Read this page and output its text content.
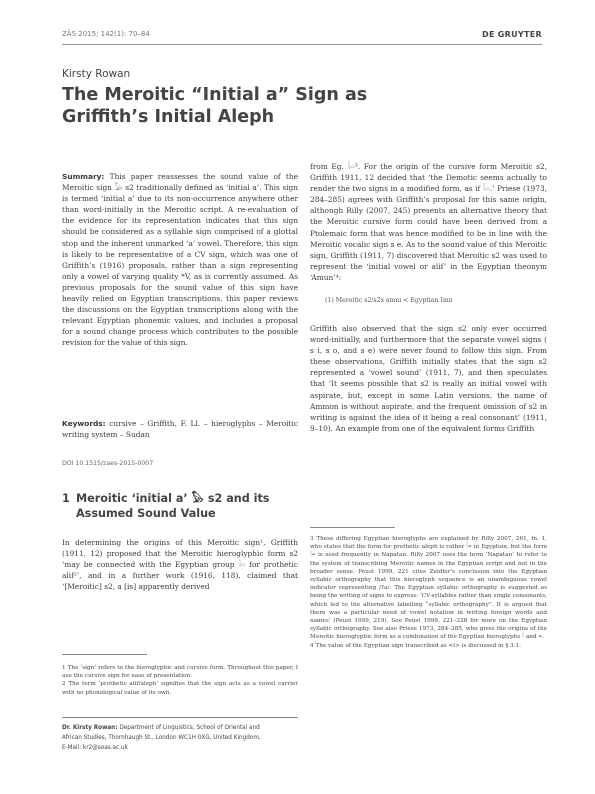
ZÄS 2015; 142(1): 70–84	DE GRUYTER
Kirsty Rowan
The Meroitic “Initial a” Sign as Griffith’s Initial Aleph

Summary: This paper reassesses the sound value of the Meroitic sign 𓅃 ꜱ2 traditionally defined as ‘initial a’. This sign is termed ‘initial a’ due to its non-occurrence anywhere other than word-initially in the Meroitic script. A re-evaluation of the evidence for its representation indicates that this sign should be considered as a syllable sign comprised of a glottal stop and the inherent unmarked ‘a’ vowel. Therefore, this sign is likely to be representative of a CV sign, which was one of Griffith’s (1916) proposals, rather than a sign representing only a vowel of varying quality *V, as is currently assumed. As previous proposals for the sound value of this sign have heavily relied on Egyptian transcriptions, this paper reviews the discussions on the Egyptian transcriptions along with the relevant Egyptian phonemic values, and includes a proposal for a sound change process which contributes to the possible revision for the value of this sign.

Keywords: cursive – Griffith, F. Ll. – hieroglyphs – Meroitic writing system – Sudan

DOI 10.1515/zaes-2015-0007
1 Meroitic ‘initial a’ 𓅃 ꜱ2 and its Assumed Sound Value

In determining the origins of this Meroitic sign¹, Griffith (1911, 12) proposed that the Meroitic hieroglyphic form ꜱ2 ‘may be connected with the Egyptian group 𓇋𓏏 for prothetic alif²’, and in a further work (1916, 118), claimed that ‘[Meroitic] ꜱ2, a [is] apparently derived

1 The ‘sign’ refers to the hieroglyphic and cursive form. Throughout this paper, I use the cursive sign for ease of presentation.

2 The term ‘prothetic alif/aleph’ signifies that the sign acts as a vowel carrier with no phonological value of its own.

Dr. Kirsty Rowan: Department of Linguistics, School of Oriental and
African Studies, Thornhaugh St., London WC1H 0XG, United Kingdom,
E-Mail: kr2@soas.ac.uk

from Eg. 𓇋𓏏³. For the origin of the cursive form Meroitic ꜱ2, Griffith 1911, 12 decided that ‘the Demotic seems actually to render the two signs in a modified form, as if 𓇋𓏏.’ Priese (1973, 284–285) agrees with Griffith’s proposal for this same origin, although Rilly (2007, 245) presents an alternative theory that the Meroitic cursive form could have been derived from a Ptolemaic form that was hence modified to be in line with the Meroitic vocalic sign ꜱ e. As to the sound value of this Meroitic sign, Griffith (1911, 7) discovered that Meroitic ꜱ2 was used to represent the ‘initial vowel or alif’ in the Egyptian theonym ‘Amun’⁴:

(1) Meroitic ꜱ2/ꜱ2ꜱ amni < Egyptian Imn

Griffith also observed that the sign ꜱ2 only ever occurred word-initially, and furthermore that the separate vowel signs ( ꜱ i, ꜱ o, and ꜱ e) were never found to follow this sign. From these observations, Griffith initially states that the sign ꜱ2 represented a ‘vowel sound’ (1911, 7), and then speculates that ‘It seems possible that ꜱ2 is really an initial vowel with aspirate, but, except in some Latin versions, the name of Ammon is without aspirate, and the frequent omission of ꜱ2 in writing is against the idea of it being a real consonant’ (1911, 9–10). An example from one of the equivalent forms Griffith

3 These differing Egyptian hieroglyphs are explained by Rilly 2007, 261, fn. 1, who states that the form for prothetic aleph is rather 𓇋𓏏 in Egyptian, but the form 𓇋𓏏 is used frequently in Napatan. Rilly 2007 uses the term ‘Napatan’ to refer to the system of transcribing Meroitic names in the Egyptian script and not in the broader sense. Peust 1999, 221 cites Zeidler’s conclusion into the Egyptian syllabic orthography that this hieroglyph sequence is an unambiguous vowel indicator representing /ʔa/. The Egyptian syllabic orthography is suggested as being the writing of signs to express: ‘CV-syllables rather than single consonants, which led to the alternative labelling “syllabic orthography”. It is argued that there was a particular need of vowel notation in writing foreign words and names’ (Peust 1999, 219). See Peust 1999, 221–228 for more on the Egyptian syllabic orthography. See also Priese 1973, 284–285, who gives the origins of the Meroitic hieroglyphic form as a combination of the Egyptian hieroglyphs 𓇋 and 𓏏.

4 The value of the Egyptian sign transcribed as <i> is discussed in § 3.1.
